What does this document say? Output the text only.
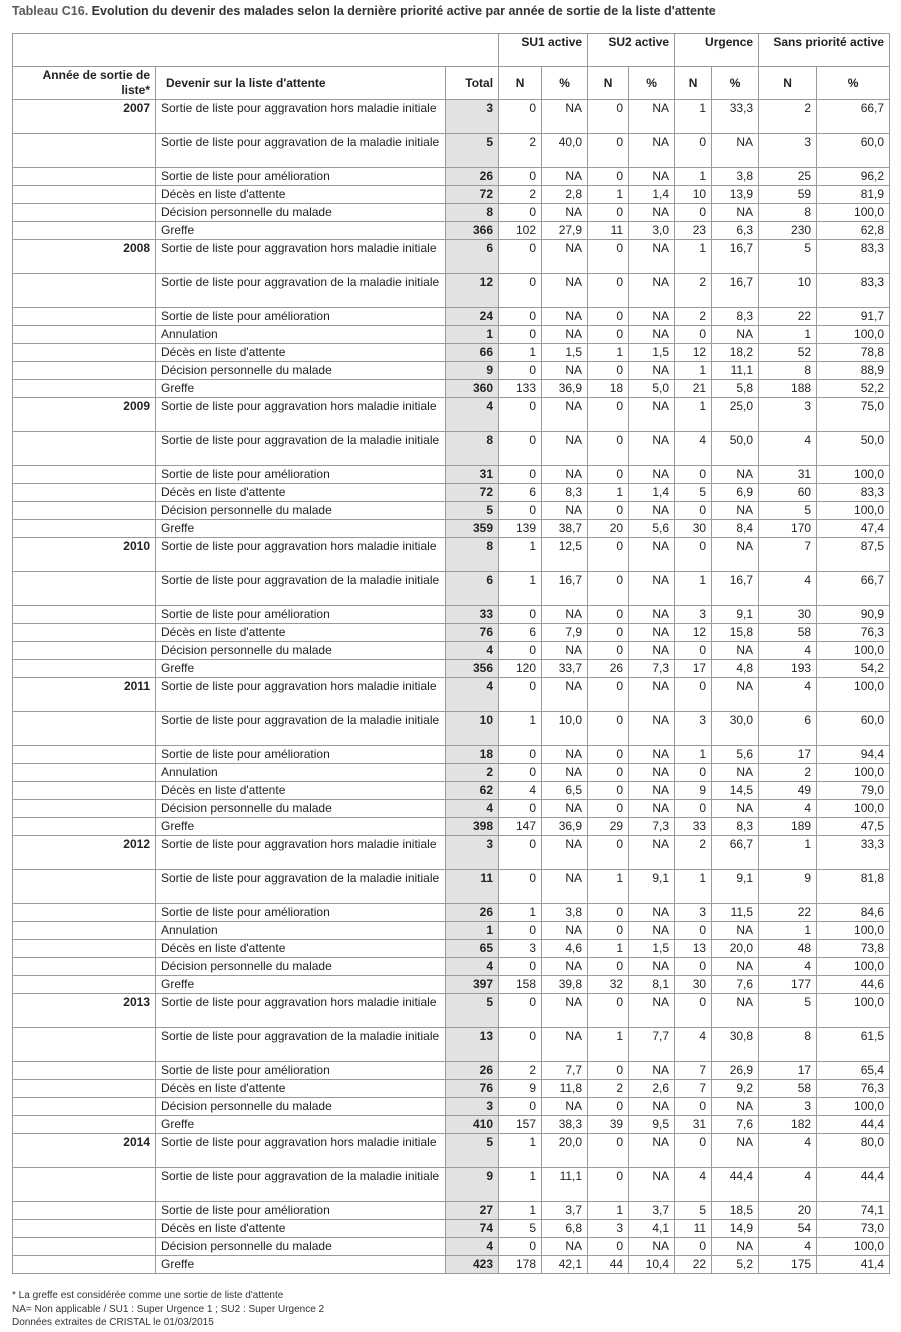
Tableau C16. Evolution du devenir des malades selon la dernière priorité active par année de sortie de la liste d'attente
			SU1 active		SU2 active		Urgence		Sans priorité active	
Année de sortie de liste*	Devenir sur la liste d'attente	Total	N	%	N	%	N	%	N	%
2007	Sortie de liste pour aggravation hors maladie initiale	3	0	NA	0	NA	1	33,3	2	66,7
	Sortie de liste pour aggravation de la maladie initiale	5	2	40,0	0	NA	0	NA	3	60,0
	Sortie de liste pour amélioration	26	0	NA	0	NA	1	3,8	25	96,2
	Décès en liste d'attente	72	2	2,8	1	1,4	10	13,9	59	81,9
	Décision personnelle du malade	8	0	NA	0	NA	0	NA	8	100,0
	Greffe	366	102	27,9	11	3,0	23	6,3	230	62,8
2008	Sortie de liste pour aggravation hors maladie initiale	6	0	NA	0	NA	1	16,7	5	83,3
	Sortie de liste pour aggravation de la maladie initiale	12	0	NA	0	NA	2	16,7	10	83,3
	Sortie de liste pour amélioration	24	0	NA	0	NA	2	8,3	22	91,7
	Annulation	1	0	NA	0	NA	0	NA	1	100,0
	Décès en liste d'attente	66	1	1,5	1	1,5	12	18,2	52	78,8
	Décision personnelle du malade	9	0	NA	0	NA	1	11,1	8	88,9
	Greffe	360	133	36,9	18	5,0	21	5,8	188	52,2
2009	Sortie de liste pour aggravation hors maladie initiale	4	0	NA	0	NA	1	25,0	3	75,0
	Sortie de liste pour aggravation de la maladie initiale	8	0	NA	0	NA	4	50,0	4	50,0
	Sortie de liste pour amélioration	31	0	NA	0	NA	0	NA	31	100,0
	Décès en liste d'attente	72	6	8,3	1	1,4	5	6,9	60	83,3
	Décision personnelle du malade	5	0	NA	0	NA	0	NA	5	100,0
	Greffe	359	139	38,7	20	5,6	30	8,4	170	47,4
2010	Sortie de liste pour aggravation hors maladie initiale	8	1	12,5	0	NA	0	NA	7	87,5
	Sortie de liste pour aggravation de la maladie initiale	6	1	16,7	0	NA	1	16,7	4	66,7
	Sortie de liste pour amélioration	33	0	NA	0	NA	3	9,1	30	90,9
	Décès en liste d'attente	76	6	7,9	0	NA	12	15,8	58	76,3
	Décision personnelle du malade	4	0	NA	0	NA	0	NA	4	100,0
	Greffe	356	120	33,7	26	7,3	17	4,8	193	54,2
2011	Sortie de liste pour aggravation hors maladie initiale	4	0	NA	0	NA	0	NA	4	100,0
	Sortie de liste pour aggravation de la maladie initiale	10	1	10,0	0	NA	3	30,0	6	60,0
	Sortie de liste pour amélioration	18	0	NA	0	NA	1	5,6	17	94,4
	Annulation	2	0	NA	0	NA	0	NA	2	100,0
	Décès en liste d'attente	62	4	6,5	0	NA	9	14,5	49	79,0
	Décision personnelle du malade	4	0	NA	0	NA	0	NA	4	100,0
	Greffe	398	147	36,9	29	7,3	33	8,3	189	47,5
2012	Sortie de liste pour aggravation hors maladie initiale	3	0	NA	0	NA	2	66,7	1	33,3
	Sortie de liste pour aggravation de la maladie initiale	11	0	NA	1	9,1	1	9,1	9	81,8
	Sortie de liste pour amélioration	26	1	3,8	0	NA	3	11,5	22	84,6
	Annulation	1	0	NA	0	NA	0	NA	1	100,0
	Décès en liste d'attente	65	3	4,6	1	1,5	13	20,0	48	73,8
	Décision personnelle du malade	4	0	NA	0	NA	0	NA	4	100,0
	Greffe	397	158	39,8	32	8,1	30	7,6	177	44,6
2013	Sortie de liste pour aggravation hors maladie initiale	5	0	NA	0	NA	0	NA	5	100,0
	Sortie de liste pour aggravation de la maladie initiale	13	0	NA	1	7,7	4	30,8	8	61,5
	Sortie de liste pour amélioration	26	2	7,7	0	NA	7	26,9	17	65,4
	Décès en liste d'attente	76	9	11,8	2	2,6	7	9,2	58	76,3
	Décision personnelle du malade	3	0	NA	0	NA	0	NA	3	100,0
	Greffe	410	157	38,3	39	9,5	31	7,6	182	44,4
2014	Sortie de liste pour aggravation hors maladie initiale	5	1	20,0	0	NA	0	NA	4	80,0
	Sortie de liste pour aggravation de la maladie initiale	9	1	11,1	0	NA	4	44,4	4	44,4
	Sortie de liste pour amélioration	27	1	3,7	1	3,7	5	18,5	20	74,1
	Décès en liste d'attente	74	5	6,8	3	4,1	11	14,9	54	73,0
	Décision personnelle du malade	4	0	NA	0	NA	0	NA	4	100,0
	Greffe	423	178	42,1	44	10,4	22	5,2	175	41,4
* La greffe est considérée comme une sortie de liste d'attente
NA= Non applicable / SU1 : Super Urgence 1 ; SU2 : Super Urgence 2
Données extraites de CRISTAL le 01/03/2015
